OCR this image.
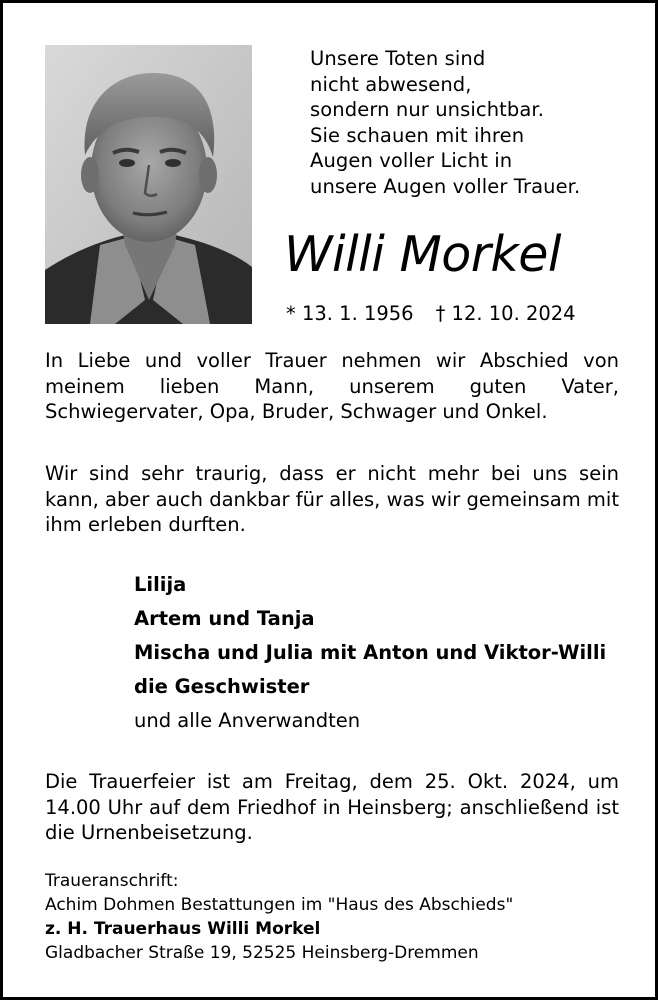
Unsere Toten sind
nicht abwesend,
sondern nur unsichtbar.
Sie schauen mit ihren
Augen voller Licht in
unsere Augen voller Trauer.
Willi Morkel
* 13. 1. 1956 † 12. 10. 2024
In Liebe und voller Trauer nehmen wir Abschied von meinem lieben Mann, unserem guten Vater, Schwiegervater, Opa, Bruder, Schwager und Onkel.
Wir sind sehr traurig, dass er nicht mehr bei uns sein kann, aber auch dankbar für alles, was wir gemeinsam mit ihm erleben durften.
Lilija
Artem und Tanja
Mischa und Julia mit Anton und Viktor-Willi
die Geschwister
und alle Anverwandten
Die Trauerfeier ist am Freitag, dem 25. Okt. 2024, um 14.00 Uhr auf dem Friedhof in Heinsberg; anschließend ist die Urnenbeisetzung.
Traueranschrift:
Achim Dohmen Bestattungen im "Haus des Abschieds"
z. H. Trauerhaus Willi Morkel
Gladbacher Straße 19, 52525 Heinsberg-Dremmen
